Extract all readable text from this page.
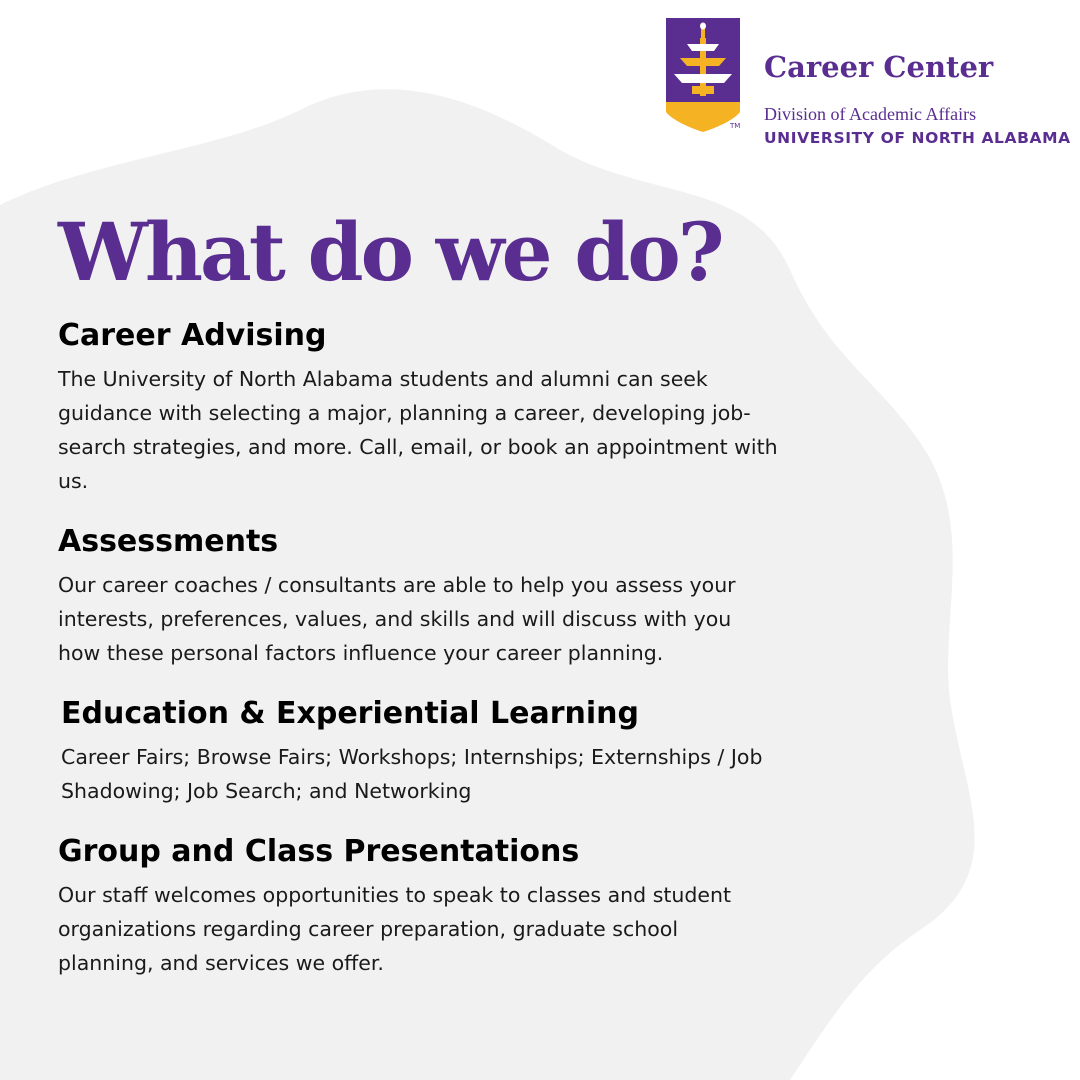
TM
Career Center
Division of Academic Affairs
UNIVERSITY OF NORTH ALABAMA
What do we do?
Career Advising

The University of North Alabama students and alumni can seek guidance with selecting a major, planning a career, developing job-search strategies, and more. Call, email, or book an appointment with us.

Assessments

Our career coaches / consultants are able to help you assess your interests, preferences, values, and skills and will discuss with you how these personal factors influence your career planning.

Education & Experiential Learning

Career Fairs; Browse Fairs; Workshops; Internships; Externships / Job Shadowing; Job Search; and Networking

Group and Class Presentations

Our staff welcomes opportunities to speak to classes and student organizations regarding career preparation, graduate school planning, and services we offer.
